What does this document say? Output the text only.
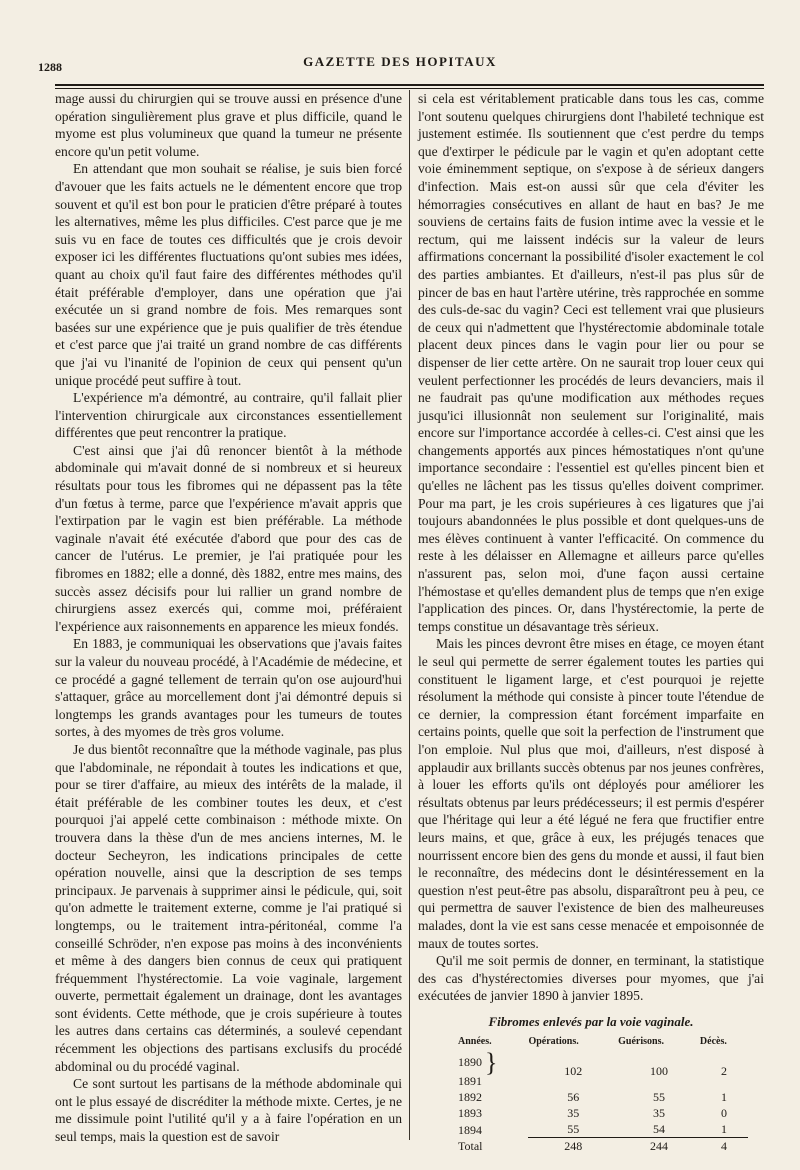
1288	GAZETTE DES HOPITAUX

mage aussi du chirurgien qui se trouve aussi en présence d'une opération singulièrement plus grave et plus difficile, quand le myome est plus volumineux que quand la tumeur ne présente encore qu'un petit volume.

En attendant que mon souhait se réalise, je suis bien forcé d'avouer que les faits actuels ne le démentent encore que trop souvent et qu'il est bon pour le praticien d'être préparé à toutes les alternatives, même les plus difficiles. C'est parce que je me suis vu en face de toutes ces difficultés que je crois devoir exposer ici les différentes fluctuations qu'ont subies mes idées, quant au choix qu'il faut faire des différentes méthodes qu'il était préférable d'employer, dans une opération que j'ai exécutée un si grand nombre de fois. Mes remarques sont basées sur une expérience que je puis qualifier de très étendue et c'est parce que j'ai traité un grand nombre de cas différents que j'ai vu l'inanité de l'opinion de ceux qui pensent qu'un unique procédé peut suffire à tout.

L'expérience m'a démontré, au contraire, qu'il fallait plier l'intervention chirurgicale aux circonstances essentiellement différentes que peut rencontrer la pratique.

C'est ainsi que j'ai dû renoncer bientôt à la méthode abdominale qui m'avait donné de si nombreux et si heureux résultats pour tous les fibromes qui ne dépassent pas la tête d'un fœtus à terme, parce que l'expérience m'avait appris que l'extirpation par le vagin est bien préférable. La méthode vaginale n'avait été exécutée d'abord que pour des cas de cancer de l'utérus. Le premier, je l'ai pratiquée pour les fibromes en 1882; elle a donné, dès 1882, entre mes mains, des succès assez décisifs pour lui rallier un grand nombre de chirurgiens assez exercés qui, comme moi, préféraient l'expérience aux raisonnements en apparence les mieux fondés.

En 1883, je communiquai les observations que j'avais faites sur la valeur du nouveau procédé, à l'Académie de médecine, et ce procédé a gagné tellement de terrain qu'on ose aujourd'hui s'attaquer, grâce au morcellement dont j'ai démontré depuis si longtemps les grands avantages pour les tumeurs de toutes sortes, à des myomes de très gros volume.

Je dus bientôt reconnaître que la méthode vaginale, pas plus que l'abdominale, ne répondait à toutes les indications et que, pour se tirer d'affaire, au mieux des intérêts de la malade, il était préférable de les combiner toutes les deux, et c'est pourquoi j'ai appelé cette combinaison : méthode mixte. On trouvera dans la thèse d'un de mes anciens internes, M. le docteur Secheyron, les indications principales de cette opération nouvelle, ainsi que la description de ses temps principaux. Je parvenais à supprimer ainsi le pédicule, qui, soit qu'on admette le traitement externe, comme je l'ai pratiqué si longtemps, ou le traitement intra-péritonéal, comme l'a conseillé Schröder, n'en expose pas moins à des inconvénients et même à des dangers bien connus de ceux qui pratiquent fréquemment l'hystérectomie. La voie vaginale, largement ouverte, permettait également un drainage, dont les avantages sont évidents. Cette méthode, que je crois supérieure à toutes les autres dans certains cas déterminés, a soulevé cependant récemment les objections des partisans exclusifs du procédé abdominal ou du procédé vaginal.

Ce sont surtout les partisans de la méthode abdominale qui ont le plus essayé de discréditer la méthode mixte. Certes, je ne me dissimule point l'utilité qu'il y a à faire l'opération en un seul temps, mais la question est de savoir

si cela est véritablement praticable dans tous les cas, comme l'ont soutenu quelques chirurgiens dont l'habileté technique est justement estimée. Ils soutiennent que c'est perdre du temps que d'extirper le pédicule par le vagin et qu'en adoptant cette voie éminemment septique, on s'expose à de sérieux dangers d'infection. Mais est-on aussi sûr que cela d'éviter les hémorragies consécutives en allant de haut en bas? Je me souviens de certains faits de fusion intime avec la vessie et le rectum, qui me laissent indécis sur la valeur de leurs affirmations concernant la possibilité d'isoler exactement le col des parties ambiantes. Et d'ailleurs, n'est-il pas plus sûr de pincer de bas en haut l'artère utérine, très rapprochée en somme des culs-de-sac du vagin? Ceci est tellement vrai que plusieurs de ceux qui n'admettent que l'hystérectomie abdominale totale placent deux pinces dans le vagin pour lier ou pour se dispenser de lier cette artère. On ne saurait trop louer ceux qui veulent perfectionner les procédés de leurs devanciers, mais il ne faudrait pas qu'une modification aux méthodes reçues jusqu'ici illusionnât non seulement sur l'originalité, mais encore sur l'importance accordée à celles-ci. C'est ainsi que les changements apportés aux pinces hémostatiques n'ont qu'une importance secondaire : l'essentiel est qu'elles pincent bien et qu'elles ne lâchent pas les tissus qu'elles doivent comprimer. Pour ma part, je les crois supérieures à ces ligatures que j'ai toujours abandonnées le plus possible et dont quelques-uns de mes élèves continuent à vanter l'efficacité. On commence du reste à les délaisser en Allemagne et ailleurs parce qu'elles n'assurent pas, selon moi, d'une façon aussi certaine l'hémostase et qu'elles demandent plus de temps que n'en exige l'application des pinces. Or, dans l'hystérectomie, la perte de temps constitue un désavantage très sérieux.

Mais les pinces devront être mises en étage, ce moyen étant le seul qui permette de serrer également toutes les parties qui constituent le ligament large, et c'est pourquoi je rejette résolument la méthode qui consiste à pincer toute l'étendue de ce dernier, la compression étant forcément imparfaite en certains points, quelle que soit la perfection de l'instrument que l'on emploie. Nul plus que moi, d'ailleurs, n'est disposé à applaudir aux brillants succès obtenus par nos jeunes confrères, à louer les efforts qu'ils ont déployés pour améliorer les résultats obtenus par leurs prédécesseurs; il est permis d'espérer que l'héritage qui leur a été légué ne fera que fructifier entre leurs mains, et que, grâce à eux, les préjugés tenaces que nourrissent encore bien des gens du monde et aussi, il faut bien le reconnaître, des médecins dont le désintéressement en la question n'est peut-être pas absolu, disparaîtront peu à peu, ce qui permettra de sauver l'existence de bien des malheureuses malades, dont la vie est sans cesse menacée et empoisonnée de maux de toutes sortes.

Qu'il me soit permis de donner, en terminant, la statistique des cas d'hystérectomies diverses pour myomes, que j'ai exécutées de janvier 1890 à janvier 1895.

Fibromes enlevés par la voie vaginale.
Années.	Opérations.	Guérisons.	Décès.
1890 }	102	100	2
1891			
1892	56	55	1
1893	35	35	0
1894	55	54	1
Total	248	244	4
